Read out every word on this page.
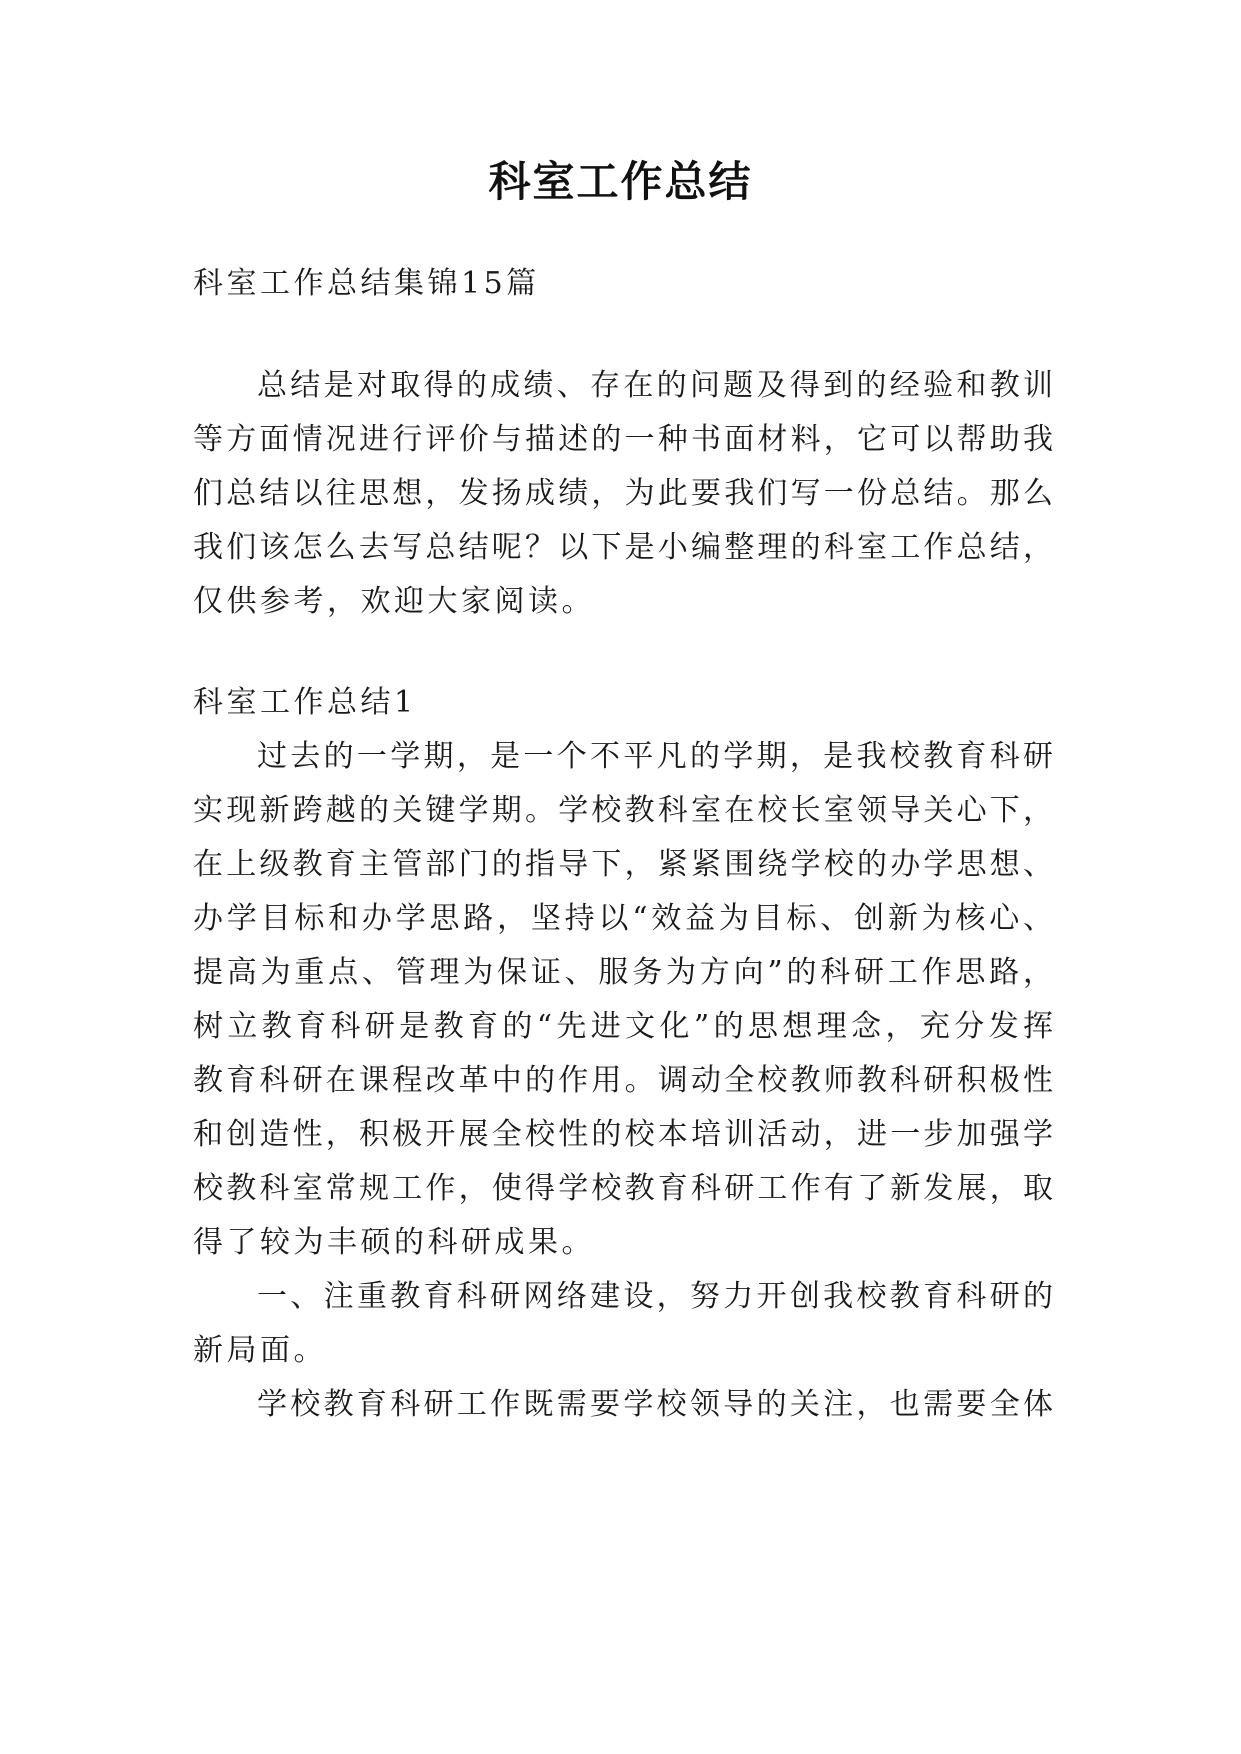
科室工作总结
科室工作总结集锦15篇
总结是对取得的成绩、存在的问题及得到的经验和教训
等方面情况进行评价与描述的一种书面材料，它可以帮助我
们总结以往思想，发扬成绩，为此要我们写一份总结。那么
我们该怎么去写总结呢？以下是小编整理的科室工作总结，
仅供参考，欢迎大家阅读。
科室工作总结1
过去的一学期，是一个不平凡的学期，是我校教育科研
实现新跨越的关键学期。学校教科室在校长室领导关心下，
在上级教育主管部门的指导下，紧紧围绕学校的办学思想、
办学目标和办学思路，坚持以“效益为目标、创新为核心、
提高为重点、管理为保证、服务为方向”的科研工作思路，
树立教育科研是教育的“先进文化”的思想理念，充分发挥
教育科研在课程改革中的作用。调动全校教师教科研积极性
和创造性，积极开展全校性的校本培训活动，进一步加强学
校教科室常规工作，使得学校教育科研工作有了新发展，取
得了较为丰硕的科研成果。
一、注重教育科研网络建设，努力开创我校教育科研的
新局面。
学校教育科研工作既需要学校领导的关注，也需要全体
